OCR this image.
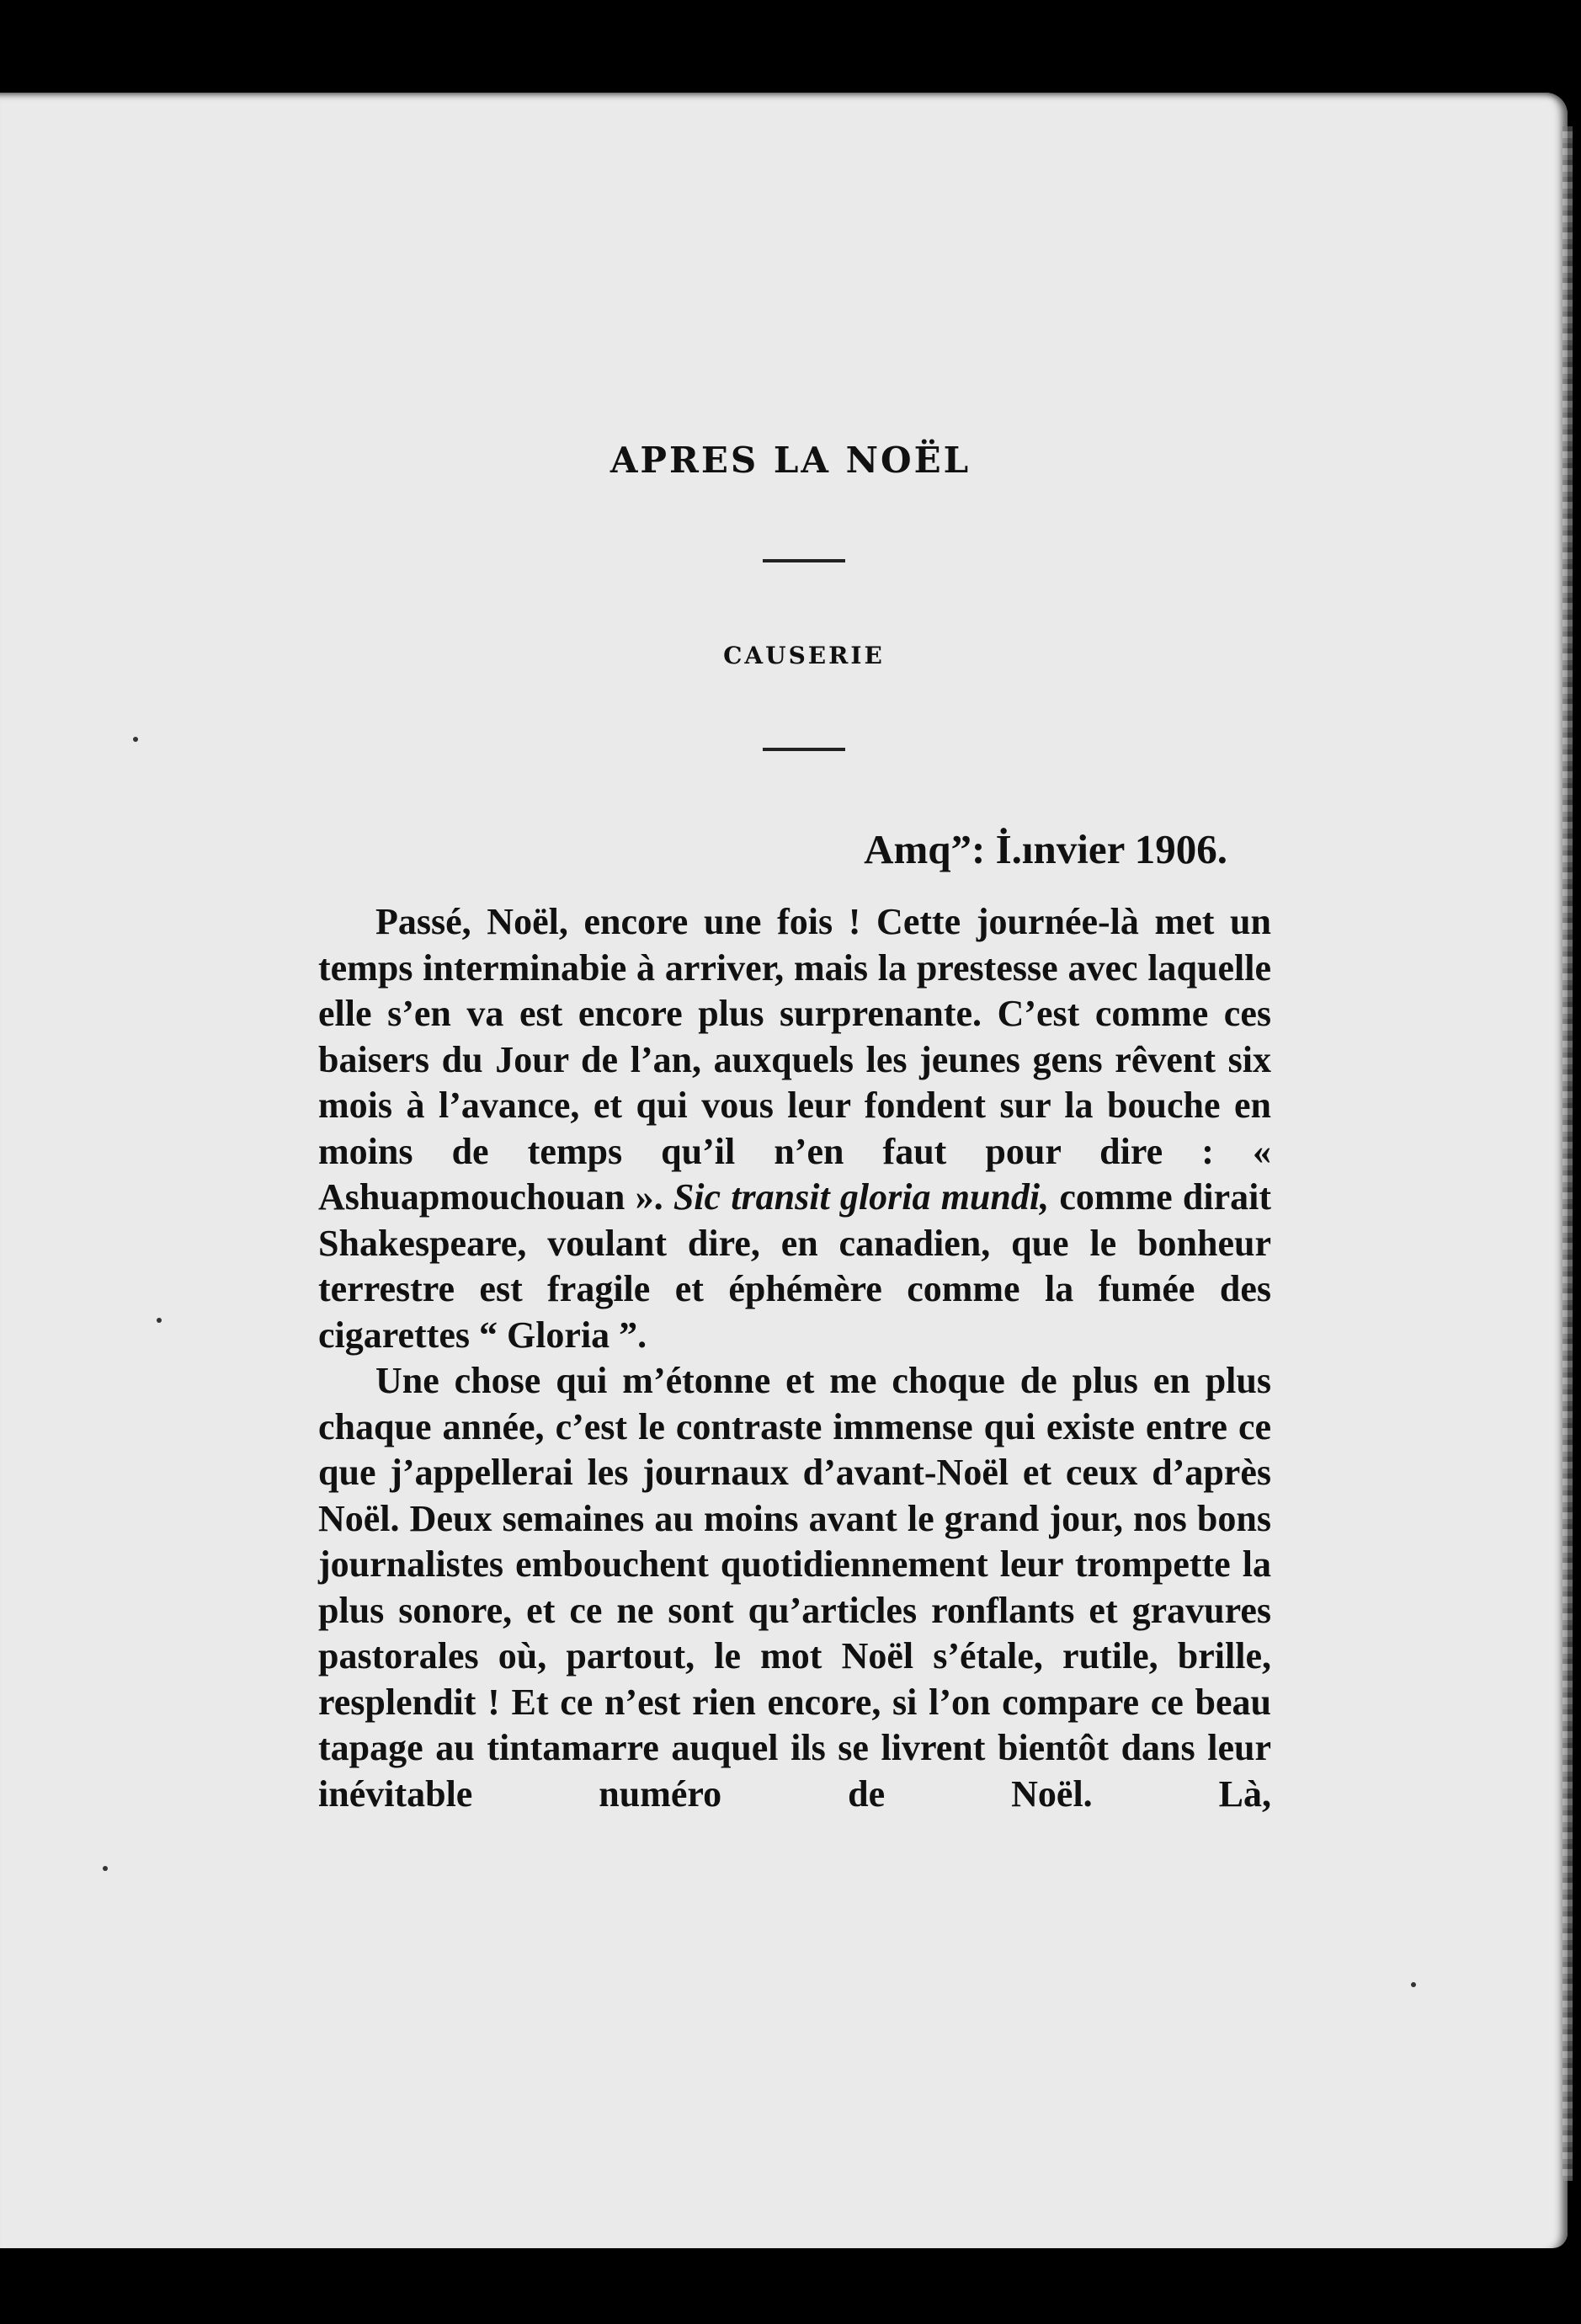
APRES LA NOËL
CAUSERIE
Amq”: İ.ınvier 1906.

Passé, Noël, encore une fois ! Cette journée-là met un temps interminabie à arriver, mais la prestesse avec laquelle elle s’en va est encore plus surprenante. C’est comme ces baisers du Jour de l’an, auxquels les jeunes gens rêvent six mois à l’avance, et qui vous leur fondent sur la bouche en moins de temps qu’il n’en faut pour dire : « Ashuapmouchouan ». Sic transit gloria mundi, comme dirait Shakespeare, voulant dire, en canadien, que le bonheur terrestre est fragile et éphémère comme la fumée des cigarettes “ Gloria ”.

Une chose qui m’étonne et me choque de plus en plus chaque année, c’est le contraste immense qui existe entre ce que j’appellerai les journaux d’avant-Noël et ceux d’après Noël. Deux semaines au moins avant le grand jour, nos bons journalistes embouchent quotidiennement leur trompette la plus sonore, et ce ne sont qu’articles ronflants et gravures pastorales où, partout, le mot Noël s’étale, rutile, brille, resplendit ! Et ce n’est rien encore, si l’on compare ce beau tapage au tintamarre auquel ils se livrent bientôt dans leur inévitable numéro de Noël. Là,
